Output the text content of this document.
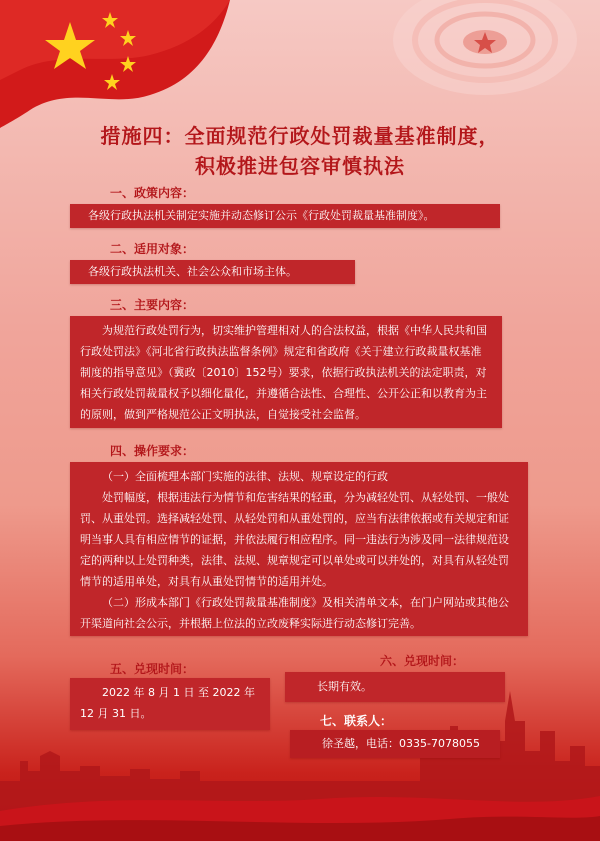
措施四：全面规范行政处罚裁量基准制度，
积极推进包容审慎执法
一、政策内容：
各级行政执法机关制定实施并动态修订公示《行政处罚裁量基准制度》。
二、适用对象：
各级行政执法机关、社会公众和市场主体。
三、主要内容：

为规范行政处罚行为，切实维护管理相对人的合法权益，根据《中华人民共和国行政处罚法》《河北省行政执法监督条例》规定和省政府《关于建立行政裁量权基准制度的指导意见》（冀政〔2010〕152号）要求，依据行政执法机关的法定职责，对相关行政处罚裁量权予以细化量化，并遵循合法性、合理性、公开公正和以教育为主的原则，做到严格规范公正文明执法，自觉接受社会监督。

四、操作要求：

（一）全面梳理本部门实施的法律、法规、规章设定的行政

处罚幅度，根据违法行为情节和危害结果的轻重，分为减轻处罚、从轻处罚、一般处罚、从重处罚。选择减轻处罚、从轻处罚和从重处罚的，应当有法律依据或有关规定和证明当事人具有相应情节的证据，并依法履行相应程序。同一违法行为涉及同一法律规范设定的两种以上处罚种类，法律、法规、规章规定可以单处或可以并处的，对具有从轻处罚情节的适用单处，对具有从重处罚情节的适用并处。

（二）形成本部门《行政处罚裁量基准制度》及相关清单文本，在门户网站或其他公开渠道向社会公示，并根据上位法的立改废释实际进行动态修订完善。

五、兑现时间：

2022 年 8 月 1 日 至 2022 年 12 月 31 日。

六、兑现时间：

长期有效。

七、联系人：

徐圣越，电话：0335-7078055
